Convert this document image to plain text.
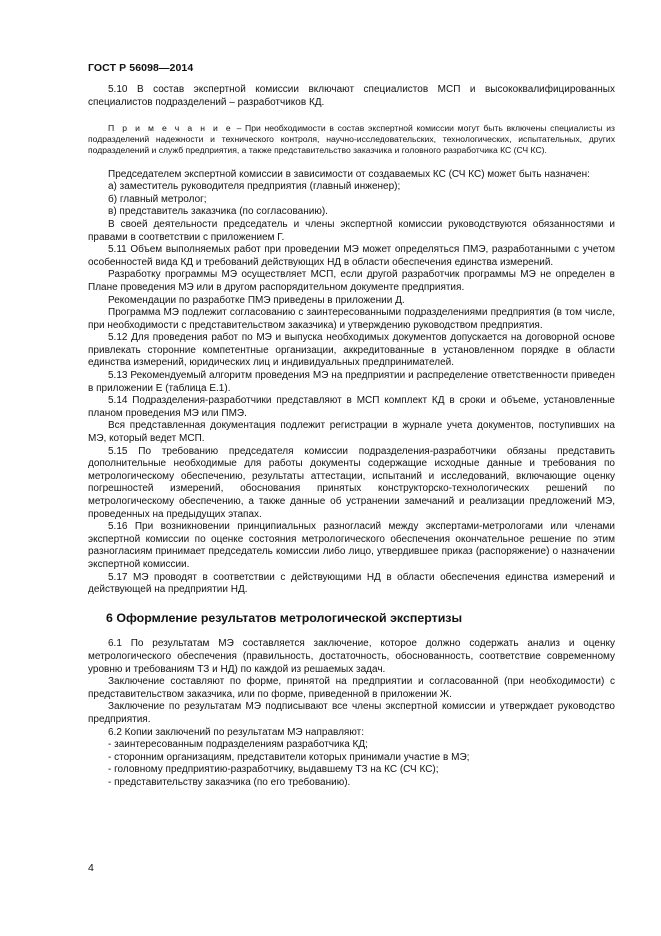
ГОСТ Р 56098—2014

5.10 В состав экспертной комиссии включают специалистов МСП и высококвалифицированных специалистов подразделений – разработчиков КД.

П р и м е ч а н и е – При необходимости в состав экспертной комиссии могут быть включены специалисты из подразделений надежности и технического контроля, научно-исследовательских, технологических, испытательных, других подразделений и служб предприятия, а также представительство заказчика и головного разработчика КС (СЧ КС).

Председателем экспертной комиссии в зависимости от создаваемых КС (СЧ КС) может быть назначен:

а) заместитель руководителя предприятия (главный инженер);

б) главный метролог;

в) представитель заказчика (по согласованию).

В своей деятельности председатель и члены экспертной комиссии руководствуются обязанностями и правами в соответствии с приложением Г.

5.11 Объем выполняемых работ при проведении МЭ может определяться ПМЭ, разработанными с учетом особенностей вида КД и требований действующих НД в области обеспечения единства измерений.

Разработку программы МЭ осуществляет МСП, если другой разработчик программы МЭ не определен в Плане проведения МЭ или в другом распорядительном документе предприятия.

Рекомендации по разработке ПМЭ приведены в приложении Д.

Программа МЭ подлежит согласованию с заинтересованными подразделениями предприятия (в том числе, при необходимости с представительством заказчика) и утверждению руководством предприятия.

5.12 Для проведения работ по МЭ и выпуска необходимых документов допускается на договорной основе привлекать сторонние компетентные организации, аккредитованные в установленном порядке в области единства измерений, юридических лиц и индивидуальных предпринимателей.

5.13 Рекомендуемый алгоритм проведения МЭ на предприятии и распределение ответственности приведен в приложении Е (таблица Е.1).

5.14 Подразделения-разработчики представляют в МСП комплект КД в сроки и объеме, установленные планом проведения МЭ или ПМЭ.

Вся представленная документация подлежит регистрации в журнале учета документов, поступивших на МЭ, который ведет МСП.

5.15 По требованию председателя комиссии подразделения-разработчики обязаны представить дополнительные необходимые для работы документы содержащие исходные данные и требования по метрологическому обеспечению, результаты аттестации, испытаний и исследований, включающие оценку погрешностей измерений, обоснования принятых конструкторско-технологических решений по метрологическому обеспечению, а также данные об устранении замечаний и реализации предложений МЭ, проведенных на предыдущих этапах.

5.16 При возникновении принципиальных разногласий между экспертами-метрологами или членами экспертной комиссии по оценке состояния метрологического обеспечения окончательное решение по этим разногласиям принимает председатель комиссии либо лицо, утвердившее приказ (распоряжение) о назначении экспертной комиссии.

5.17 МЭ проводят в соответствии с действующими НД в области обеспечения единства измерений и действующей на предприятии НД.

6 Оформление результатов метрологической экспертизы

6.1 По результатам МЭ составляется заключение, которое должно содержать анализ и оценку метрологического обеспечения (правильность, достаточность, обоснованность, соответствие современному уровню и требованиям ТЗ и НД) по каждой из решаемых задач.

Заключение составляют по форме, принятой на предприятии и согласованной (при необходимости) с представительством заказчика, или по форме, приведенной в приложении Ж.

Заключение по результатам МЭ подписывают все члены экспертной комиссии и утверждает руководство предприятия.

6.2 Копии заключений по результатам МЭ направляют:

- заинтересованным подразделениям разработчика КД;

- сторонним организациям, представители которых принимали участие в МЭ;

- головному предприятию-разработчику, выдавшему ТЗ на КС (СЧ КС);

- представительству заказчика (по его требованию).

4
